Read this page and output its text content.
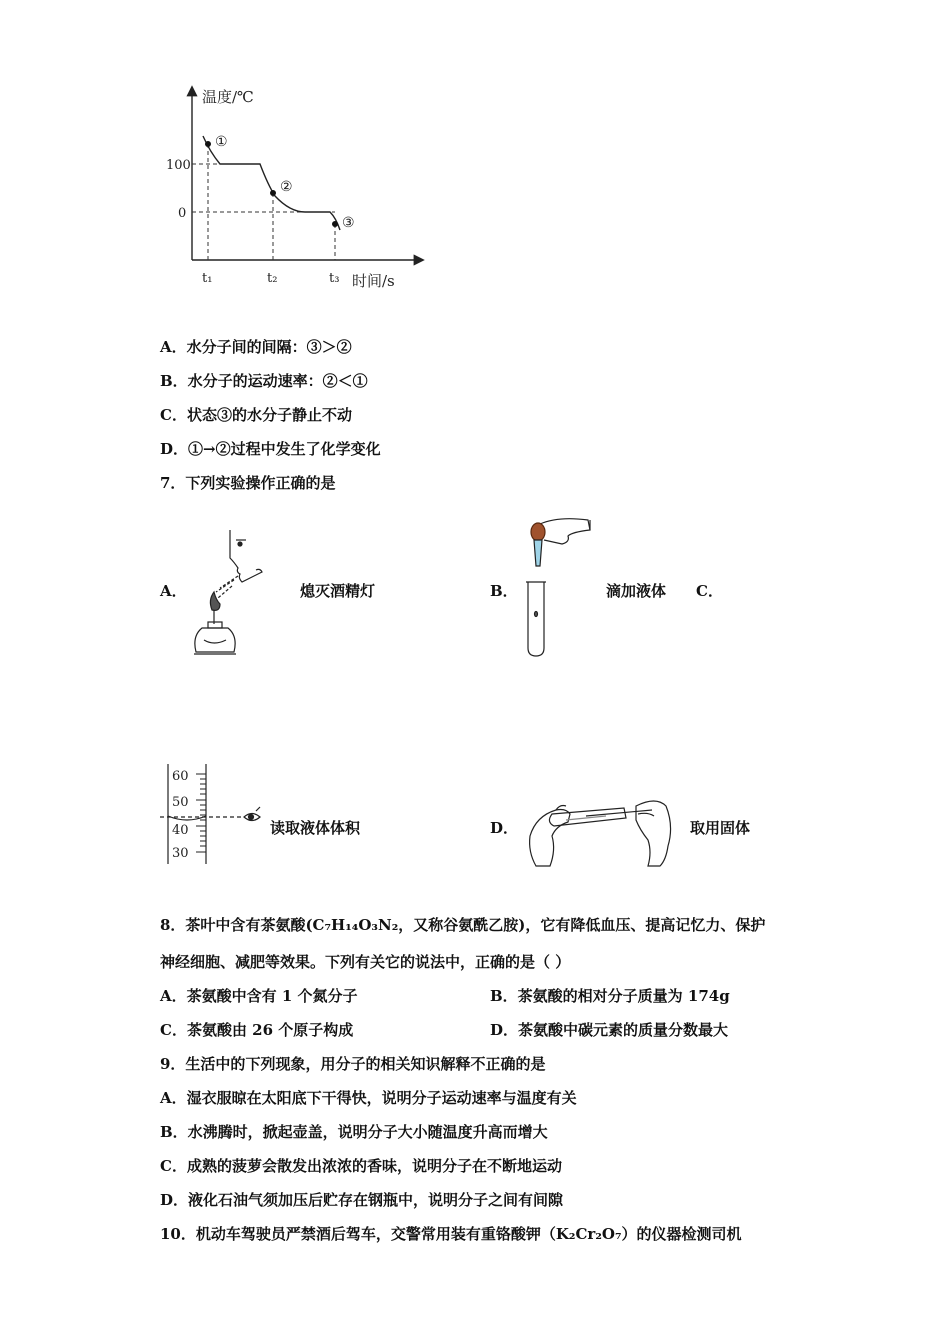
温度/℃
100
0
①
②
③
t₁	t₂	t₃ 时间/s
A．水分子间的间隔：③＞②
B．水分子的运动速率：②＜①
C．状态③的水分子静止不动
D．①→②过程中发生了化学变化
7．下列实验操作正确的是
A．	熄灭酒精灯	B．	滴加液体 C．
60
50
40
30
读取液体体积	D．	取用固体
8．茶叶中含有茶氨酸(C₇H₁₄O₃N₂，又称谷氨酰乙胺)，它有降低血压、提高记忆力、保护
神经细胞、减肥等效果。下列有关它的说法中，正确的是（ ）
A．茶氨酸中含有 1 个氮分子	B．茶氨酸的相对分子质量为 174g
C．茶氨酸由 26 个原子构成	D．茶氨酸中碳元素的质量分数最大
9．生活中的下列现象，用分子的相关知识解释不正确的是
A．湿衣服晾在太阳底下干得快，说明分子运动速率与温度有关
B．水沸腾时，掀起壶盖，说明分子大小随温度升高而增大
C．成熟的菠萝会散发出浓浓的香味，说明分子在不断地运动
D．液化石油气须加压后贮存在钢瓶中，说明分子之间有间隙
10．机动车驾驶员严禁酒后驾车，交警常用装有重铬酸钾（K₂Cr₂O₇）的仪器检测司机
